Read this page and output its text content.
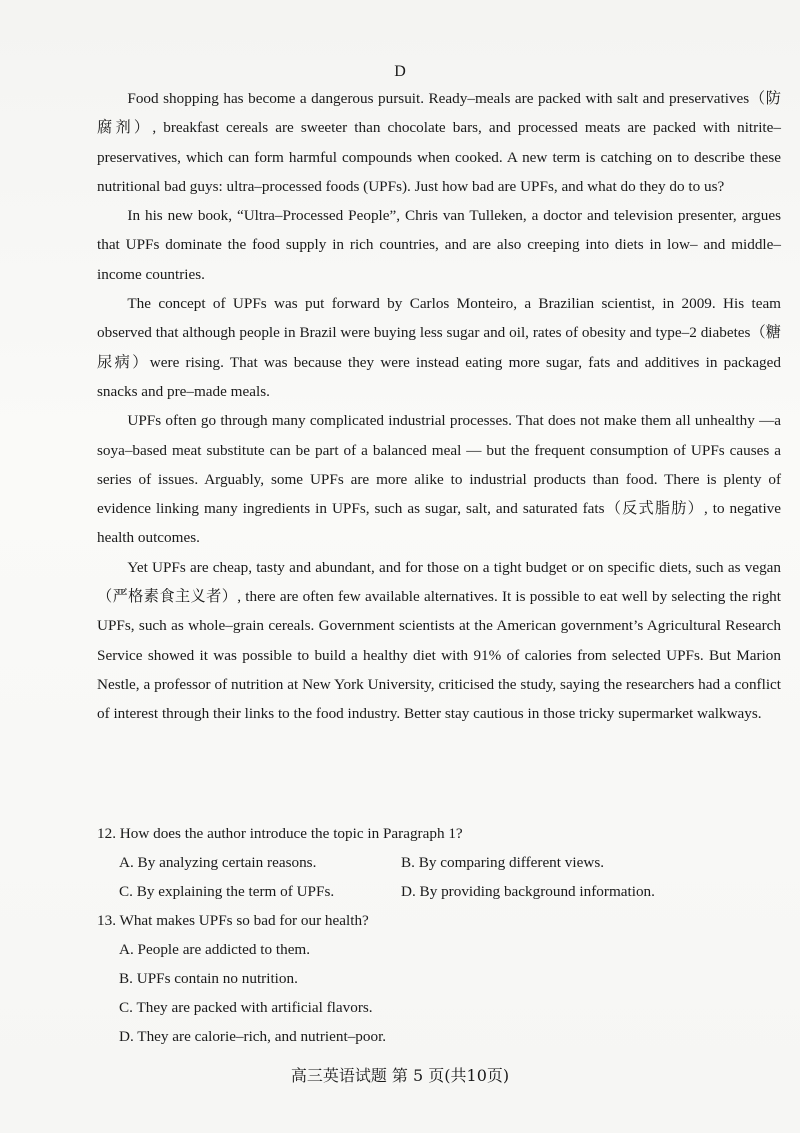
D

Food shopping has become a dangerous pursuit. Ready–meals are packed with salt and preservatives（防腐剂）, breakfast cereals are sweeter than chocolate bars, and processed meats are packed with nitrite–preservatives, which can form harmful compounds when cooked. A new term is catching on to describe these nutritional bad guys: ultra–processed foods (UPFs). Just how bad are UPFs, and what do they do to us?

In his new book, “Ultra–Processed People”, Chris van Tulleken, a doctor and television presenter, argues that UPFs dominate the food supply in rich countries, and are also creeping into diets in low– and middle–income countries.

The concept of UPFs was put forward by Carlos Monteiro, a Brazilian scientist, in 2009. His team observed that although people in Brazil were buying less sugar and oil, rates of obesity and type–2 diabetes（糖尿病）were rising. That was because they were instead eating more sugar, fats and additives in packaged snacks and pre–made meals.

UPFs often go through many complicated industrial processes. That does not make them all unhealthy —a soya–based meat substitute can be part of a balanced meal — but the frequent consumption of UPFs causes a series of issues. Arguably, some UPFs are more alike to industrial products than food. There is plenty of evidence linking many ingredients in UPFs, such as sugar, salt, and saturated fats（反式脂肪）, to negative health outcomes.

Yet UPFs are cheap, tasty and abundant, and for those on a tight budget or on specific diets, such as vegan（严格素食主义者）, there are often few available alternatives. It is possible to eat well by selecting the right UPFs, such as whole–grain cereals. Government scientists at the American government’s Agricultural Research Service showed it was possible to build a healthy diet with 91% of calories from selected UPFs. But Marion Nestle, a professor of nutrition at New York University, criticised the study, saying the researchers had a conflict of interest through their links to the food industry. Better stay cautious in those tricky supermarket walkways.

12. How does the author introduce the topic in Paragraph 1?

A. By analyzing certain reasons.	B. By comparing different views.
C. By explaining the term of UPFs.	D. By providing background information.

13. What makes UPFs so bad for our health?

A. People are addicted to them.
B. UPFs contain no nutrition.
C. They are packed with artificial flavors.
D. They are calorie–rich, and nutrient–poor.
高三英语试题 第 5 页(共10页)
